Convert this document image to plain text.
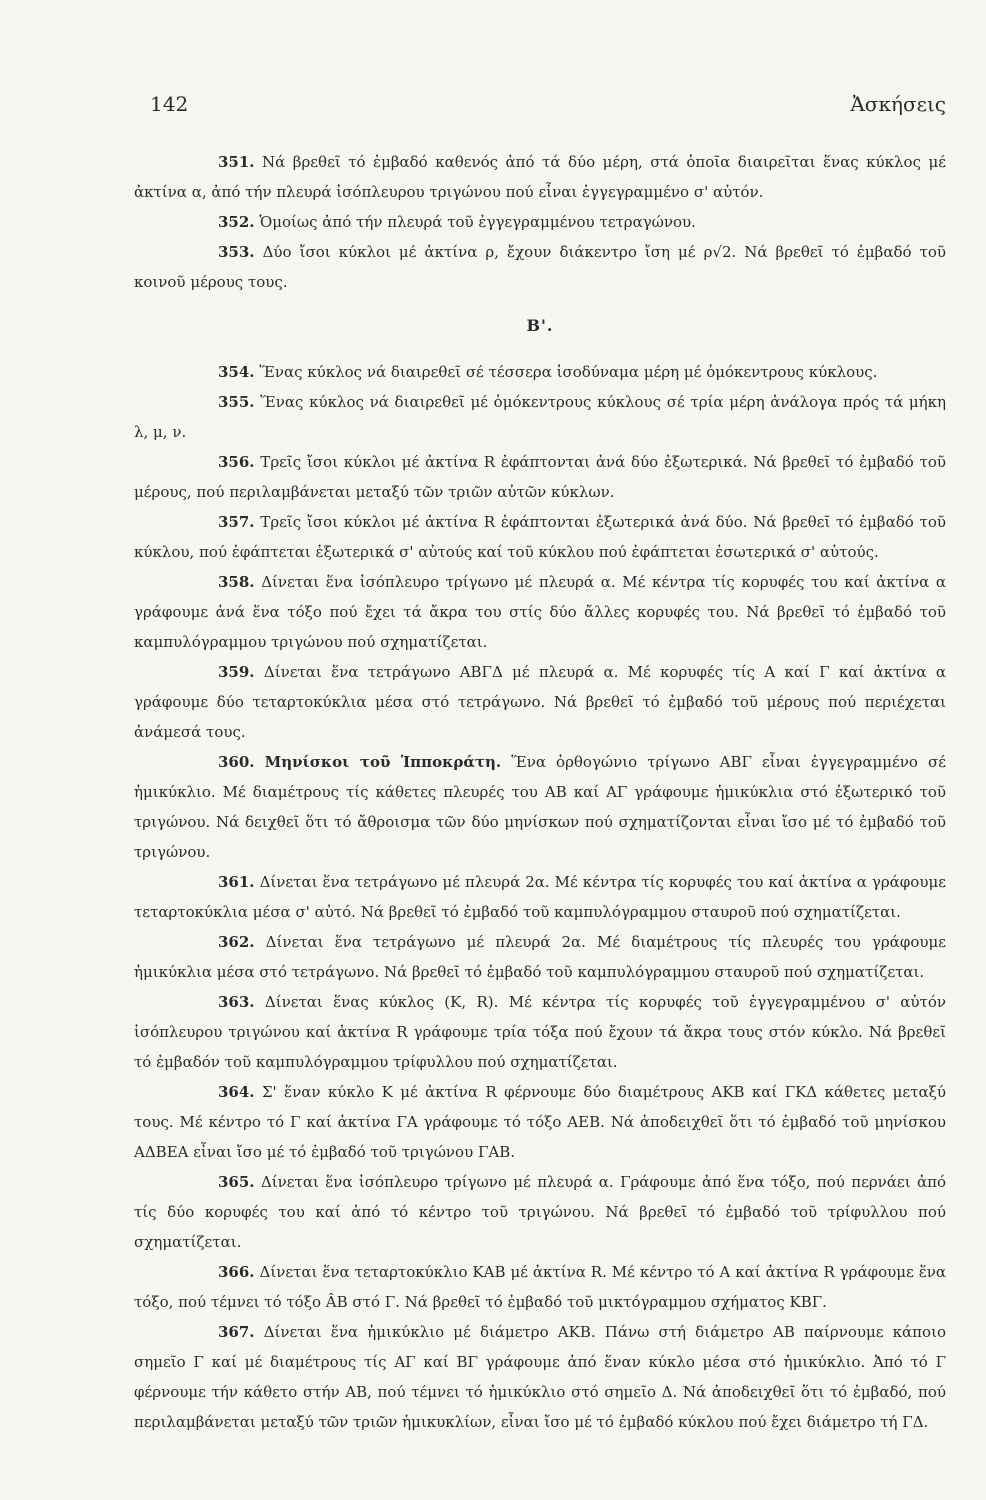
142	Ἀσκήσεις

351. Νά βρεθεῖ τό ἐμβαδό καθενός ἀπό τά δύο μέρη, στά ὁποῖα διαιρεῖται ἕνας κύκλος μέ ἀκτίνα α, ἀπό τήν πλευρά ἰσόπλευρου τριγώνου πού εἶναι ἐγγεγραμμένο σ' αὐτόν.

352. Ὁμοίως ἀπό τήν πλευρά τοῦ ἐγγεγραμμένου τετραγώνου.

353. Δύο ἴσοι κύκλοι μέ ἀκτίνα ρ, ἔχουν διάκεντρο ἴση μέ ρ√2. Νά βρεθεῖ τό ἐμβαδό τοῦ κοινοῦ μέρους τους.

Β'.

354. Ἕνας κύκλος νά διαιρεθεῖ σέ τέσσερα ἰσοδύναμα μέρη μέ ὁμόκεντρους κύκλους.

355. Ἕνας κύκλος νά διαιρεθεῖ μέ ὁμόκεντρους κύκλους σέ τρία μέρη ἀνάλογα πρός τά μήκη λ, μ, ν.

356. Τρεῖς ἴσοι κύκλοι μέ ἀκτίνα R ἐφάπτονται ἀνά δύο ἐξωτερικά. Νά βρεθεῖ τό ἐμβαδό τοῦ μέρους, πού περιλαμβάνεται μεταξύ τῶν τριῶν αὐτῶν κύκλων.

357. Τρεῖς ἴσοι κύκλοι μέ ἀκτίνα R ἐφάπτονται ἐξωτερικά ἀνά δύο. Νά βρεθεῖ τό ἐμβαδό τοῦ κύκλου, πού ἐφάπτεται ἐξωτερικά σ' αὐτούς καί τοῦ κύκλου πού ἐφάπτεται ἐσωτερικά σ' αὐτούς.

358. Δίνεται ἕνα ἰσόπλευρο τρίγωνο μέ πλευρά α. Μέ κέντρα τίς κορυφές του καί ἀκτίνα α γράφουμε ἀνά ἕνα τόξο πού ἔχει τά ἄκρα του στίς δύο ἄλλες κορυφές του. Νά βρεθεῖ τό ἐμβαδό τοῦ καμπυλόγραμμου τριγώνου πού σχηματίζεται.

359. Δίνεται ἕνα τετράγωνο ΑΒΓΔ μέ πλευρά α. Μέ κορυφές τίς Α καί Γ καί ἀκτίνα α γράφουμε δύο τεταρτοκύκλια μέσα στό τετράγωνο. Νά βρεθεῖ τό ἐμβαδό τοῦ μέρους πού περιέχεται ἀνάμεσά τους.

360. Μηνίσκοι τοῦ Ἱπποκράτη. Ἕνα ὀρθογώνιο τρίγωνο ΑΒΓ εἶναι ἐγγεγραμμένο σέ ἡμικύκλιο. Μέ διαμέτρους τίς κάθετες πλευρές του ΑΒ καί ΑΓ γράφουμε ἡμικύκλια στό ἐξωτερικό τοῦ τριγώνου. Νά δειχθεῖ ὅτι τό ἄθροισμα τῶν δύο μηνίσκων πού σχηματίζονται εἶναι ἴσο μέ τό ἐμβαδό τοῦ τριγώνου.

361. Δίνεται ἕνα τετράγωνο μέ πλευρά 2α. Μέ κέντρα τίς κορυφές του καί ἀκτίνα α γράφουμε τεταρτοκύκλια μέσα σ' αὐτό. Νά βρεθεῖ τό ἐμβαδό τοῦ καμπυλόγραμμου σταυροῦ πού σχηματίζεται.

362. Δίνεται ἕνα τετράγωνο μέ πλευρά 2α. Μέ διαμέτρους τίς πλευρές του γράφουμε ἡμικύκλια μέσα στό τετράγωνο. Νά βρεθεῖ τό ἐμβαδό τοῦ καμπυλόγραμμου σταυροῦ πού σχηματίζεται.

363. Δίνεται ἕνας κύκλος (Κ, R). Μέ κέντρα τίς κορυφές τοῦ ἐγγεγραμμένου σ' αὐτόν ἰσόπλευρου τριγώνου καί ἀκτίνα R γράφουμε τρία τόξα πού ἔχουν τά ἄκρα τους στόν κύκλο. Νά βρεθεῖ τό ἐμβαδόν τοῦ καμπυλόγραμμου τρίφυλλου πού σχηματίζεται.

364. Σ' ἕναν κύκλο Κ μέ ἀκτίνα R φέρνουμε δύο διαμέτρους ΑΚΒ καί ΓΚΔ κάθετες μεταξύ τους. Μέ κέντρο τό Γ καί ἀκτίνα ΓΑ γράφουμε τό τόξο ΑΕΒ. Νά ἀποδειχθεῖ ὅτι τό ἐμβαδό τοῦ μηνίσκου ΑΔΒΕΑ εἶναι ἴσο μέ τό ἐμβαδό τοῦ τριγώνου ΓΑΒ.

365. Δίνεται ἕνα ἰσόπλευρο τρίγωνο μέ πλευρά α. Γράφουμε ἀπό ἕνα τόξο, πού περνάει ἀπό τίς δύο κορυφές του καί ἀπό τό κέντρο τοῦ τριγώνου. Νά βρεθεῖ τό ἐμβαδό τοῦ τρίφυλλου πού σχηματίζεται.

366. Δίνεται ἕνα τεταρτοκύκλιο ΚΑΒ μέ ἀκτίνα R. Μέ κέντρο τό Α καί ἀκτίνα R γράφουμε ἕνα τόξο, πού τέμνει τό τόξο ÂB στό Γ. Νά βρεθεῖ τό ἐμβαδό τοῦ μικτόγραμμου σχήματος ΚΒΓ.

367. Δίνεται ἕνα ἡμικύκλιο μέ διάμετρο ΑΚΒ. Πάνω στή διάμετρο ΑΒ παίρνουμε κάποιο σημεῖο Γ καί μέ διαμέτρους τίς ΑΓ καί ΒΓ γράφουμε ἀπό ἕναν κύκλο μέσα στό ἡμικύκλιο. Ἀπό τό Γ φέρνουμε τήν κάθετο στήν ΑΒ, πού τέμνει τό ἡμικύκλιο στό σημεῖο Δ. Νά ἀποδειχθεῖ ὅτι τό ἐμβαδό, πού περιλαμβάνεται μεταξύ τῶν τριῶν ἡμικυκλίων, εἶναι ἴσο μέ τό ἐμβαδό κύκλου πού ἔχει διάμετρο τή ΓΔ.
